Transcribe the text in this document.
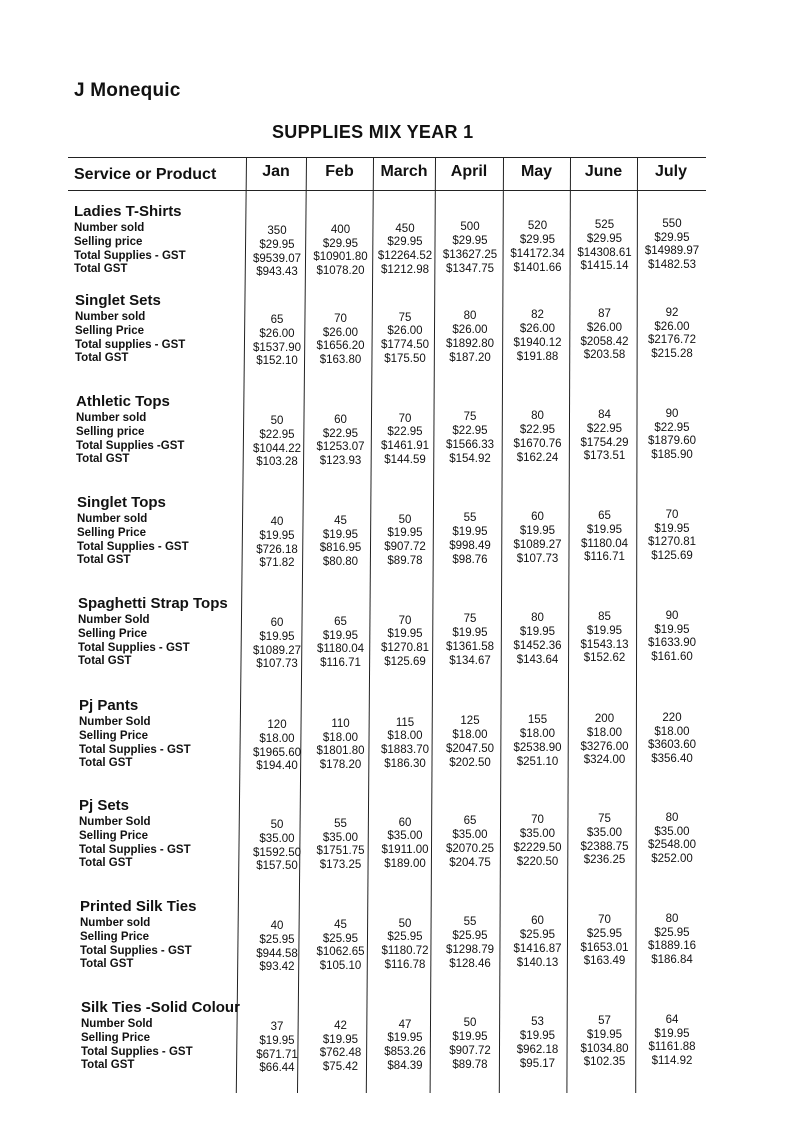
J Monequic
SUPPLIES MIX YEAR 1
Service or Product	Jan	Feb	March	April	May	June	July
Ladies T-Shirts
Number sold
Selling price
Total Supplies - GST
Total GST
350	400	450	500	520	525	550
$29.95	$29.95	$29.95	$29.95	$29.95	$29.95	$29.95
$9539.07	$10901.80 $12264.52 $13627.25	$14172.34	$14308.61	$14989.97
$943.43	$1078.20	$1212.98	$1347.75	$1401.66	$1415.14	$1482.53
Singlet Sets
Number sold
Selling Price
Total supplies - GST
Total GST
65	70	75	80	82	87	92
$26.00	$26.00	$26.00	$26.00	$26.00	$26.00	$26.00
$1537.90	$1656.20	$1774.50	$1892.80	$1940.12	$2058.42	$2176.72
$152.10	$163.80	$175.50	$187.20	$191.88	$203.58	$215.28
Athletic Tops
Number sold
Selling price
Total Supplies -GST
Total GST
50	60	70	75	80	84	90
$22.95	$22.95	$22.95	$22.95	$22.95	$22.95	$22.95
$1044.22	$1253.07	$1461.91	$1566.33	$1670.76	$1754.29	$1879.60
$103.28	$123.93	$144.59	$154.92	$162.24	$173.51	$185.90
Singlet Tops
Number sold
Selling Price
Total Supplies - GST
Total GST
40	45	50	55	60	65	70
$19.95	$19.95	$19.95	$19.95	$19.95	$19.95	$19.95
$726.18	$816.95	$907.72	$998.49	$1089.27	$1180.04	$1270.81
$71.82	$80.80	$89.78	$98.76	$107.73	$116.71	$125.69
Spaghetti Strap Tops
Number Sold
Selling Price
Total Supplies - GST
Total GST
60	65	70	75	80	85	90
$19.95	$19.95	$19.95	$19.95	$19.95	$19.95	$19.95
$1089.27	$1180.04	$1270.81	$1361.58	$1452.36	$1543.13	$1633.90
$107.73	$116.71	$125.69	$134.67	$143.64	$152.62	$161.60
Pj Pants
Number Sold
Selling Price
Total Supplies - GST
Total GST
120	110	115	125	155	200	220
$18.00	$18.00	$18.00	$18.00	$18.00	$18.00	$18.00
$1965.60	$1801.80	$1883.70	$2047.50	$2538.90	$3276.00	$3603.60
$194.40	$178.20	$186.30	$202.50	$251.10	$324.00	$356.40
Pj Sets
Number Sold
Selling Price
Total Supplies - GST
Total GST
50	55	60	65	70	75	80
$35.00	$35.00	$35.00	$35.00	$35.00	$35.00	$35.00
$1592.50	$1751.75	$1911.00	$2070.25	$2229.50	$2388.75	$2548.00
$157.50	$173.25	$189.00	$204.75	$220.50	$236.25	$252.00
Printed Silk Ties
Number sold
Selling Price
Total Supplies - GST
Total GST
40	45	50	55	60	70	80
$25.95	$25.95	$25.95	$25.95	$25.95	$25.95	$25.95
$944.58	$1062.65	$1180.72	$1298.79	$1416.87	$1653.01	$1889.16
$93.42	$105.10	$116.78	$128.46	$140.13	$163.49	$186.84
Silk Ties -Solid Colour
Number Sold
Selling Price
Total Supplies - GST
Total GST
37	42	47	50	53	57	64
$19.95	$19.95	$19.95	$19.95	$19.95	$19.95	$19.95
$671.71	$762.48	$853.26	$907.72	$962.18	$1034.80	$1161.88
$66.44	$75.42	$84.39	$89.78	$95.17	$102.35	$114.92
